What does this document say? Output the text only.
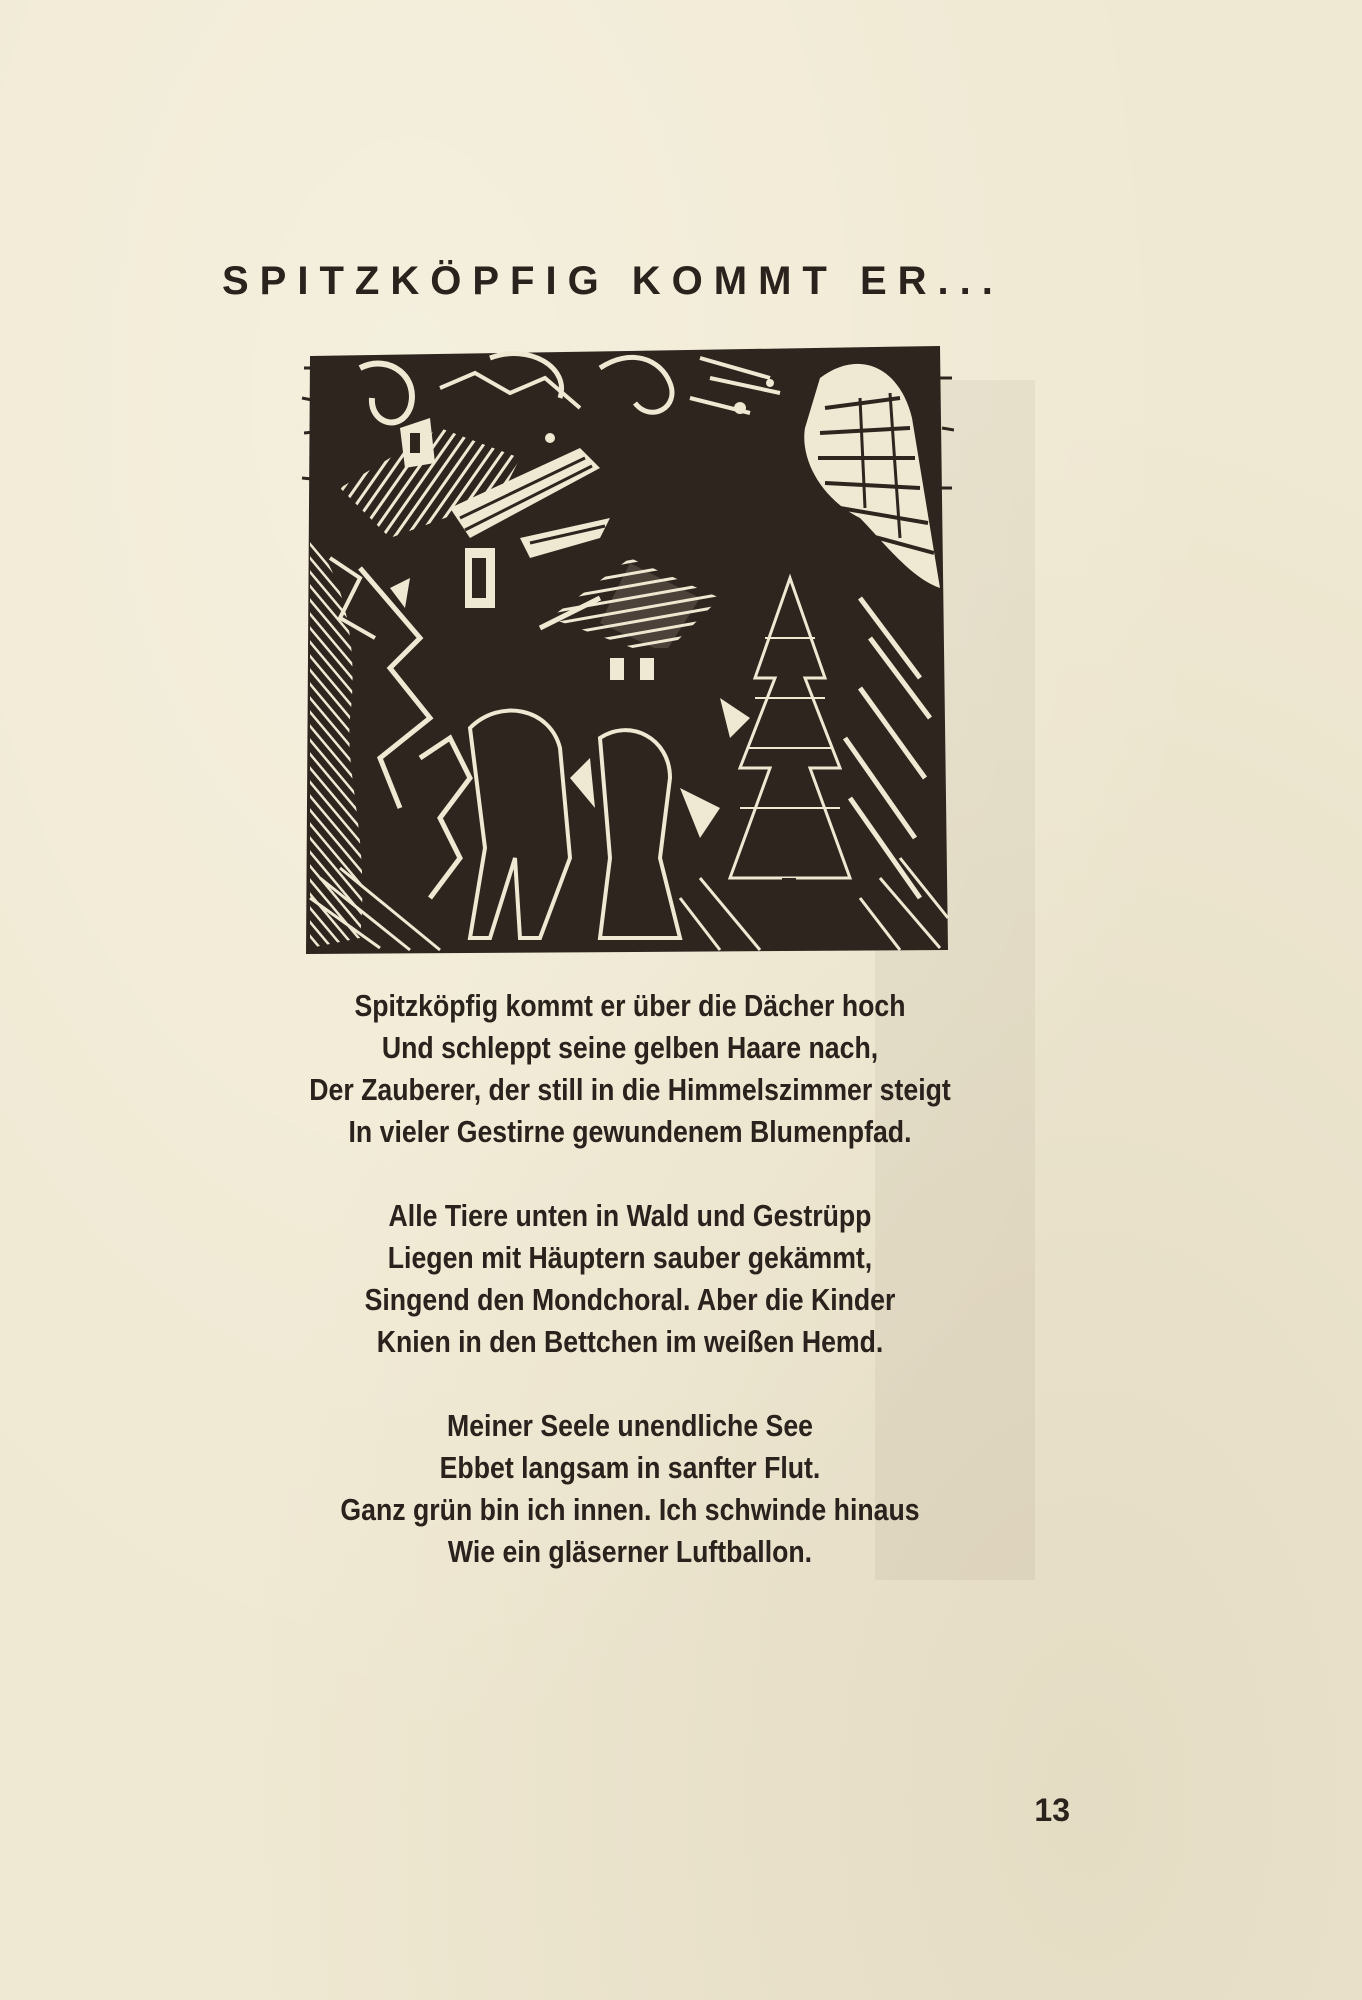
SPITZKÖPFIG KOMMT ER...
Spitzköpfig kommt er über die Dächer hoch
Und schleppt seine gelben Haare nach,
Der Zauberer, der still in die Himmelszimmer steigt
In vieler Gestirne gewundenem Blumenpfad.
Alle Tiere unten in Wald und Gestrüpp
Liegen mit Häuptern sauber gekämmt,
Singend den Mondchoral. Aber die Kinder
Knien in den Bettchen im weißen Hemd.
Meiner Seele unendliche See
Ebbet langsam in sanfter Flut.
Ganz grün bin ich innen. Ich schwinde hinaus
Wie ein gläserner Luftballon.
13
